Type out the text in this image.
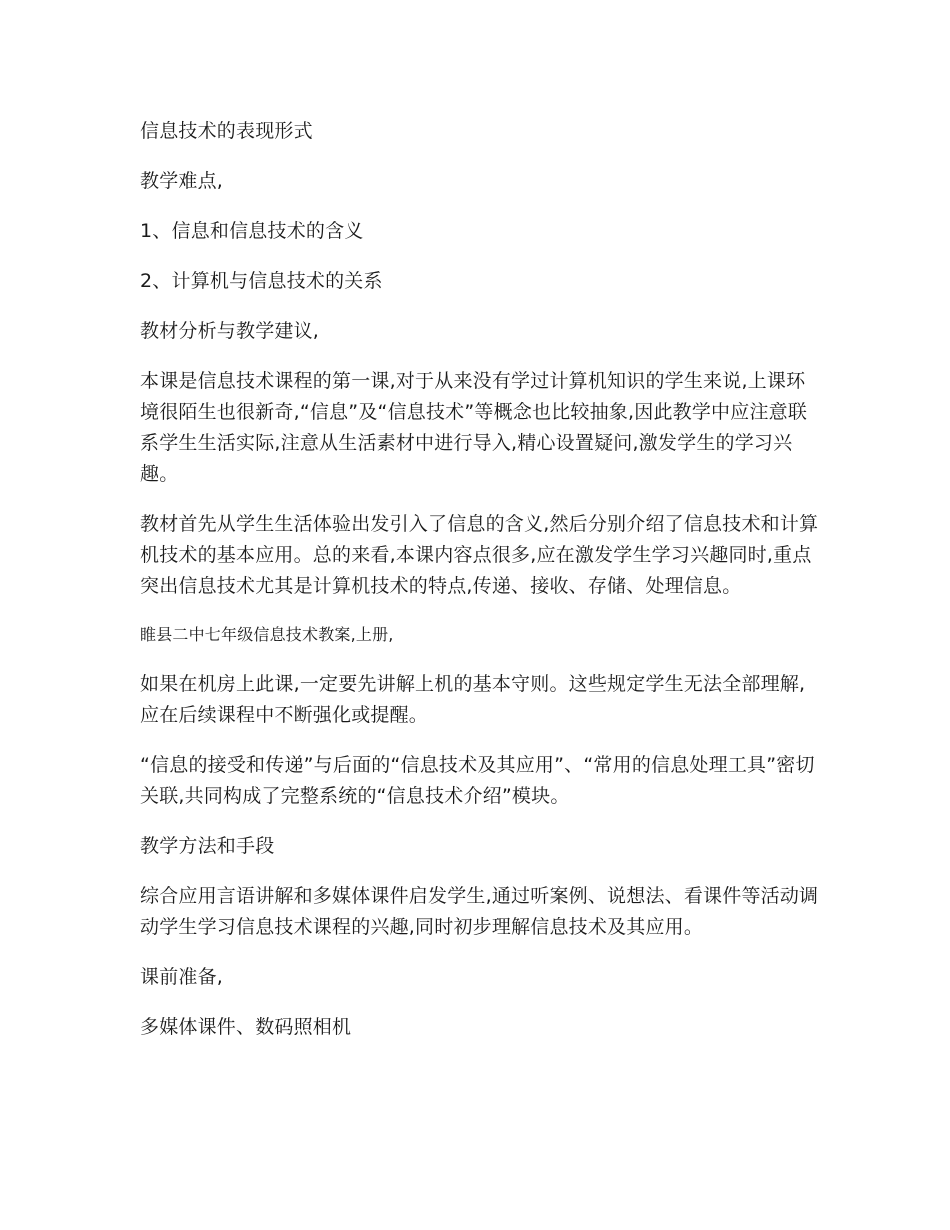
信息技术的表现形式

教学难点,

1、信息和信息技术的含义

2、计算机与信息技术的关系

教材分析与教学建议,

本课是信息技术课程的第一课,对于从来没有学过计算机知识的学生来说,上课环境很陌生也很新奇,“信息”及“信息技术”等概念也比较抽象,因此教学中应注意联系学生生活实际,注意从生活素材中进行导入,精心设置疑问,激发学生的学习兴趣。

教材首先从学生生活体验出发引入了信息的含义,然后分别介绍了信息技术和计算机技术的基本应用。总的来看,本课内容点很多,应在激发学生学习兴趣同时,重点突出信息技术尤其是计算机技术的特点,传递、接收、存储、处理信息。

睢县二中七年级信息技术教案,上册,

如果在机房上此课,一定要先讲解上机的基本守则。这些规定学生无法全部理解,应在后续课程中不断强化或提醒。

“信息的接受和传递”与后面的“信息技术及其应用”、“常用的信息处理工具”密切关联,共同构成了完整系统的“信息技术介绍”模块。

教学方法和手段

综合应用言语讲解和多媒体课件启发学生,通过听案例、说想法、看课件等活动调动学生学习信息技术课程的兴趣,同时初步理解信息技术及其应用。

课前准备,

多媒体课件、数码照相机
